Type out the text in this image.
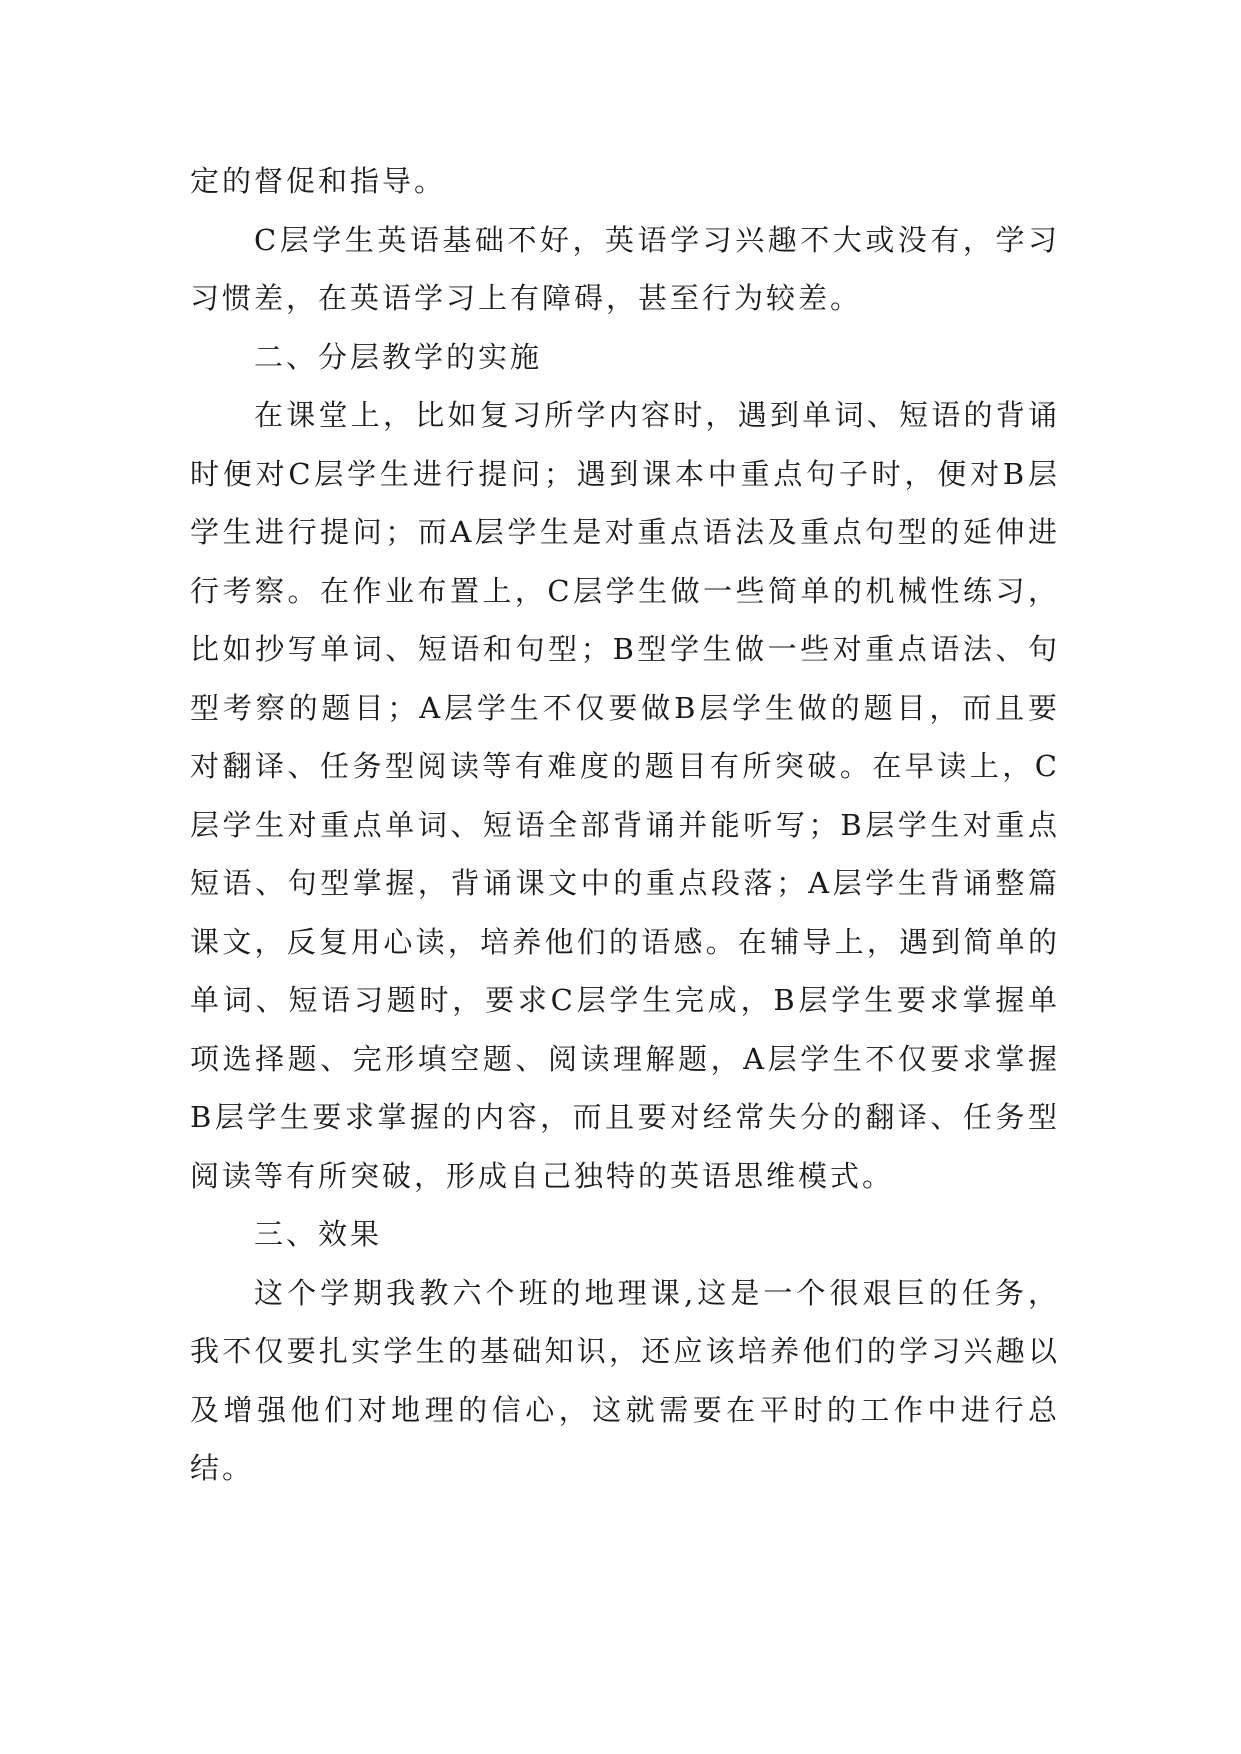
定的督促和指导。

C层学生英语基础不好，英语学习兴趣不大或没有，学习习惯差，在英语学习上有障碍，甚至行为较差。

二、分层教学的实施

在课堂上，比如复习所学内容时，遇到单词、短语的背诵时便对C层学生进行提问；遇到课本中重点句子时，便对B层学生进行提问；而A层学生是对重点语法及重点句型的延伸进行考察。在作业布置上，C层学生做一些简单的机械性练习，比如抄写单词、短语和句型；B型学生做一些对重点语法、句型考察的题目；A层学生不仅要做B层学生做的题目，而且要对翻译、任务型阅读等有难度的题目有所突破。在早读上，C层学生对重点单词、短语全部背诵并能听写；B层学生对重点短语、句型掌握，背诵课文中的重点段落；A层学生背诵整篇课文，反复用心读，培养他们的语感。在辅导上，遇到简单的单词、短语习题时，要求C层学生完成，B层学生要求掌握单项选择题、完形填空题、阅读理解题，A层学生不仅要求掌握B层学生要求掌握的内容，而且要对经常失分的翻译、任务型阅读等有所突破，形成自己独特的英语思维模式。

三、效果

这个学期我教六个班的地理课,这是一个很艰巨的任务，我不仅要扎实学生的基础知识，还应该培养他们的学习兴趣以及增强他们对地理的信心，这就需要在平时的工作中进行总结。
